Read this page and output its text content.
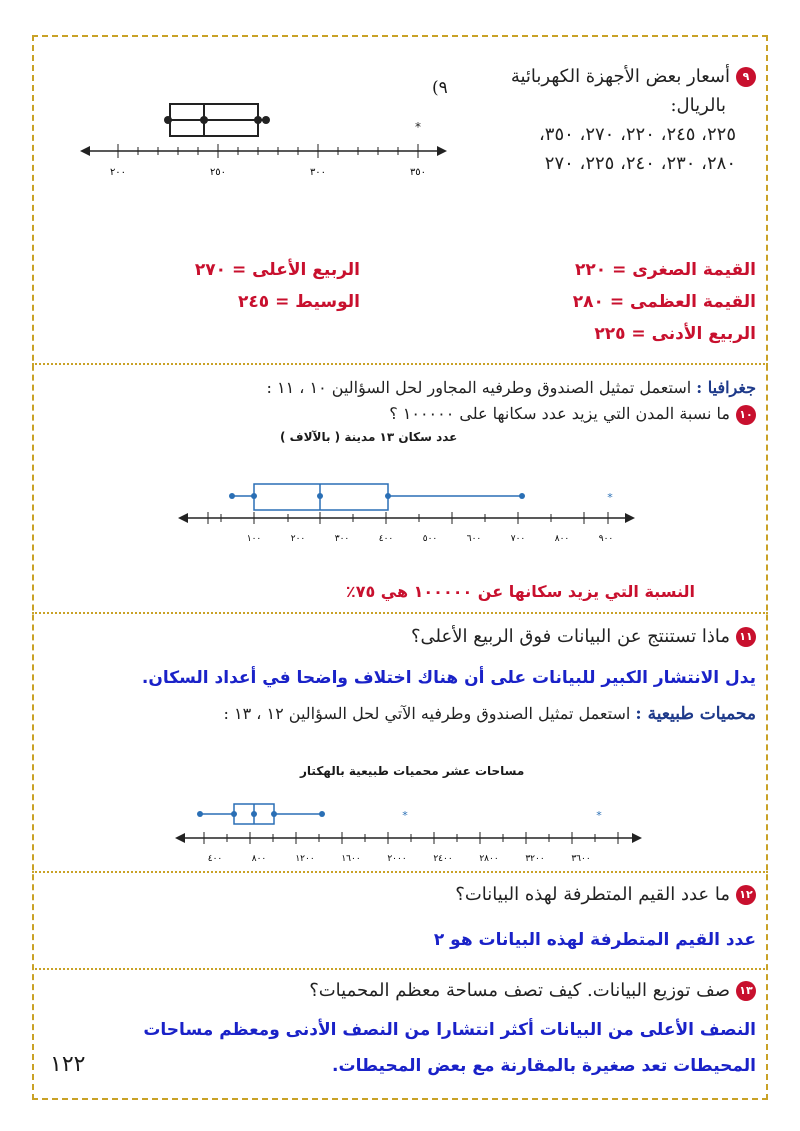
٩أسعار بعض الأجهزة الكهربائية
بالريال:
٢٢٥، ٢٤٥، ٢٢٠، ٢٧٠، ٣٥٠،
٢٨٠، ٢٣٠، ٢٤٠، ٢٢٥، ٢٧٠
٩)
*
٢٠٠	٢٥٠	٣٠٠	٣٥٠
القيمة الصغرى = ٢٢٠
القيمة العظمى = ٢٨٠
الربيع الأدنى = ٢٢٥
الربيع الأعلى = ٢٧٠
الوسيط = ٢٤٥
جغرافيا : استعمل تمثيل الصندوق وطرفيه المجاور لحل السؤالين ١٠ ، ١١ :
١٠ما نسبة المدن التي يزيد عدد سكانها على ١٠٠٠٠٠ ؟
عدد سكان ١٣ مدينة ( بالآلاف )
*
١٠٠	٢٠٠	٣٠٠	٤٠٠	٥٠٠	٦٠٠	٧٠٠	٨٠٠	٩٠٠
النسبة التي يزيد سكانها عن ١٠٠٠٠٠ هي ٧٥٪
١١ماذا تستنتج عن البيانات فوق الربيع الأعلى؟
يدل الانتشار الكبير للبيانات على أن هناك اختلاف واضحا في أعداد السكان.
محميات طبيعية : استعمل تمثيل الصندوق وطرفيه الآتي لحل السؤالين ١٢ ، ١٣ :
مساحات عشر محميات طبيعية بالهكتار
*	*
٤٠٠	٨٠٠	١٢٠٠	١٦٠٠	٢٠٠٠	٢٤٠٠	٢٨٠٠	٣٢٠٠	٣٦٠٠
١٢ما عدد القيم المتطرفة لهذه البيانات؟
عدد القيم المتطرفة لهذه البيانات هو ٢
١٣صف توزيع البيانات. كيف تصف مساحة معظم المحميات؟
النصف الأعلى من البيانات أكثر انتشارا من النصف الأدنى ومعظم مساحات
المحيطات تعد صغيرة بالمقارنة مع بعض المحيطات.
١٢٢
